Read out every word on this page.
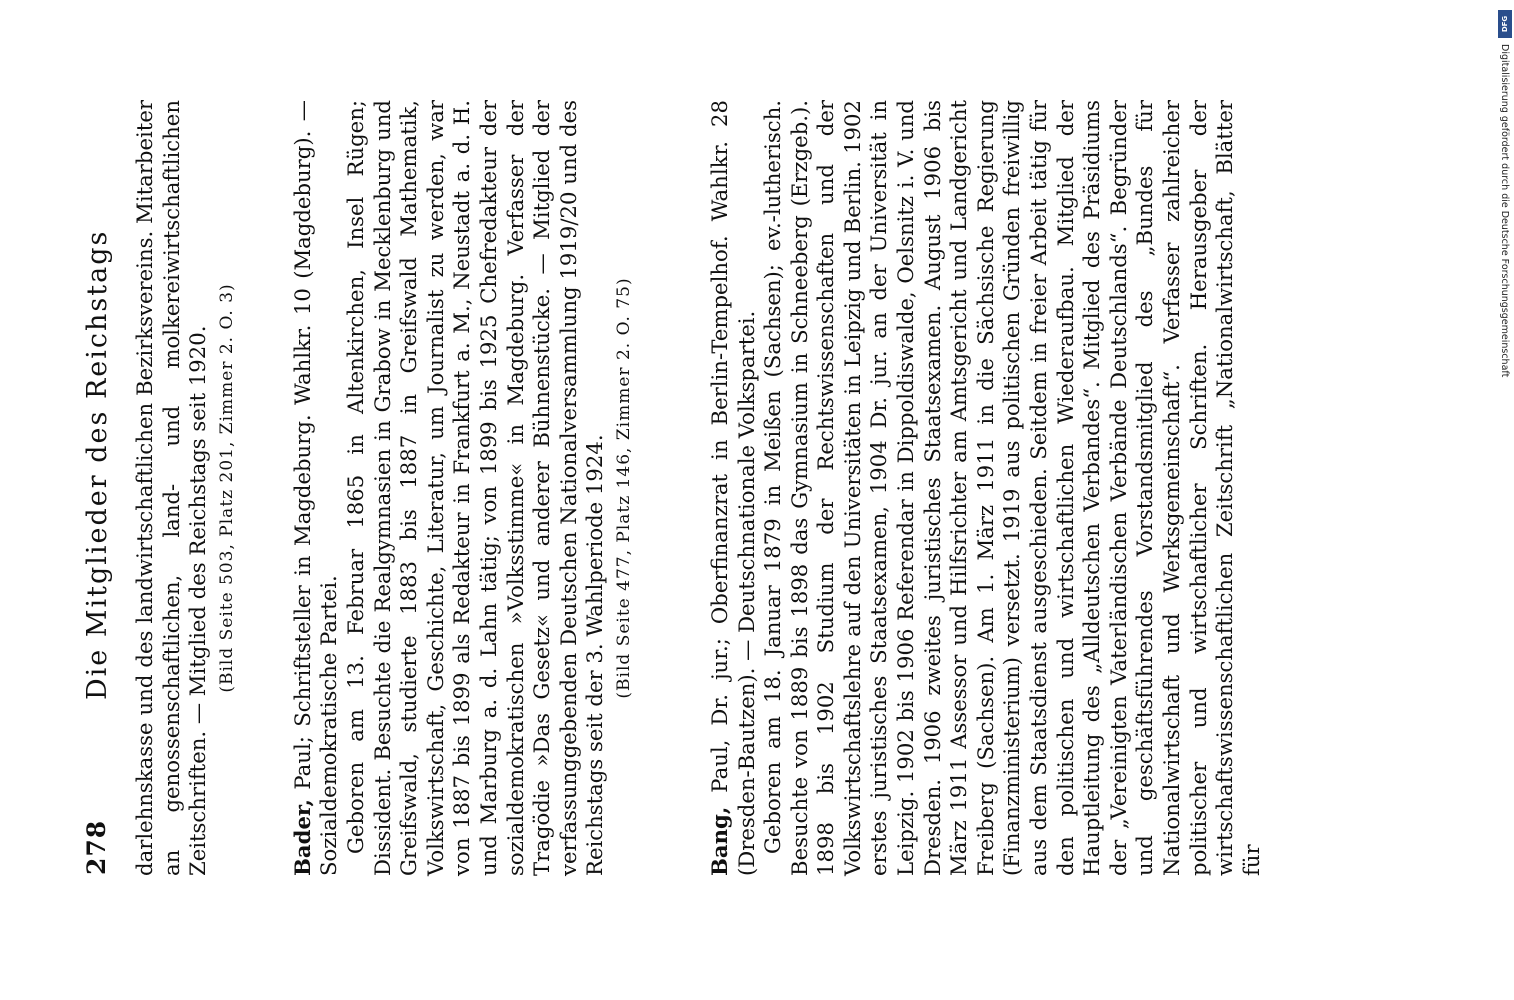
278
Die Mitglieder des Reichstags darlehnskasse und des landwirtschaftlichen Bezirksvereins. Mitarbeiter an genossenschaftlichen, land- und molkereiwirtschaftlichen Zeitschriften. — Mitglied des Reichstags seit 1920. (Bild Seite 503, Platz 201, Zimmer 2. O. 3)

Bader, Paul; Schriftsteller in Magdeburg. Wahlkr. 10 (Magdeburg). — Sozialdemokratische Partei. Geboren am 13. Februar 1865 in Altenkirchen, Insel Rügen; Dissident. Besuchte die Realgymnasien in Grabow in Mecklenburg und Greifswald, studierte 1883 bis 1887 in Greifswald Mathematik, Volkswirtschaft, Geschichte, Literatur, um Journalist zu werden, war von 1887 bis 1899 als Redakteur in Frankfurt a. M., Neustadt a. d. H. und Marburg a. d. Lahn tätig; von 1899 bis 1925 Chefredakteur der sozialdemokratischen »Volksstimme« in Magdeburg. Verfasser der Tragödie »Das Gesetz« und anderer Bühnenstücke. — Mitglied der verfassunggebenden Deutschen Nationalversammlung 1919/20 und des Reichstags seit der 3. Wahlperiode 1924. (Bild Seite 477, Platz 146, Zimmer 2. O. 75)

Bang, Paul, Dr. jur.; Oberfinanzrat in Berlin-Tempelhof. Wahlkr. 28 (Dresden-Bautzen). — Deutschnationale Volkspartei. Geboren am 18. Januar 1879 in Meißen (Sachsen); ev.-lutherisch. Besuchte von 1889 bis 1898 das Gymnasium in Schneeberg (Erzgeb.). 1898 bis 1902 Studium der Rechtswissenschaften und der Volkswirtschaftslehre auf den Universitäten in Leipzig und Berlin. 1902 erstes juristisches Staatsexamen, 1904 Dr. jur. an der Universität in Leipzig. 1902 bis 1906 Referendar in Dippoldiswalde, Oelsnitz i. V. und Dresden. 1906 zweites juristisches Staatsexamen. August 1906 bis März 1911 Assessor und Hilfsrichter am Amtsgericht und Landgericht Freiberg (Sachsen). Am 1. März 1911 in die Sächsische Regierung (Finanzministerium) versetzt. 1919 aus politischen Gründen freiwillig aus dem Staatsdienst ausgeschieden. Seitdem in freier Arbeit tätig für den politischen und wirtschaftlichen Wiederaufbau. Mitglied der Hauptleitung des „Alldeutschen Verbandes“. Mitglied des Präsidiums der „Vereinigten Vaterländischen Verbände Deutschlands“. Begründer und geschäftsführendes Vorstandsmitglied des „Bundes für Nationalwirtschaft und Werksgemeinschaft“. Verfasser zahlreicher politischer und wirtschaftlicher Schriften. Herausgeber der wirtschaftswissenschaftlichen Zeitschrift „Nationalwirtschaft, Blätter für

DFG
Digitalisierung gefördert durch die Deutsche Forschungsgemeinschaft
